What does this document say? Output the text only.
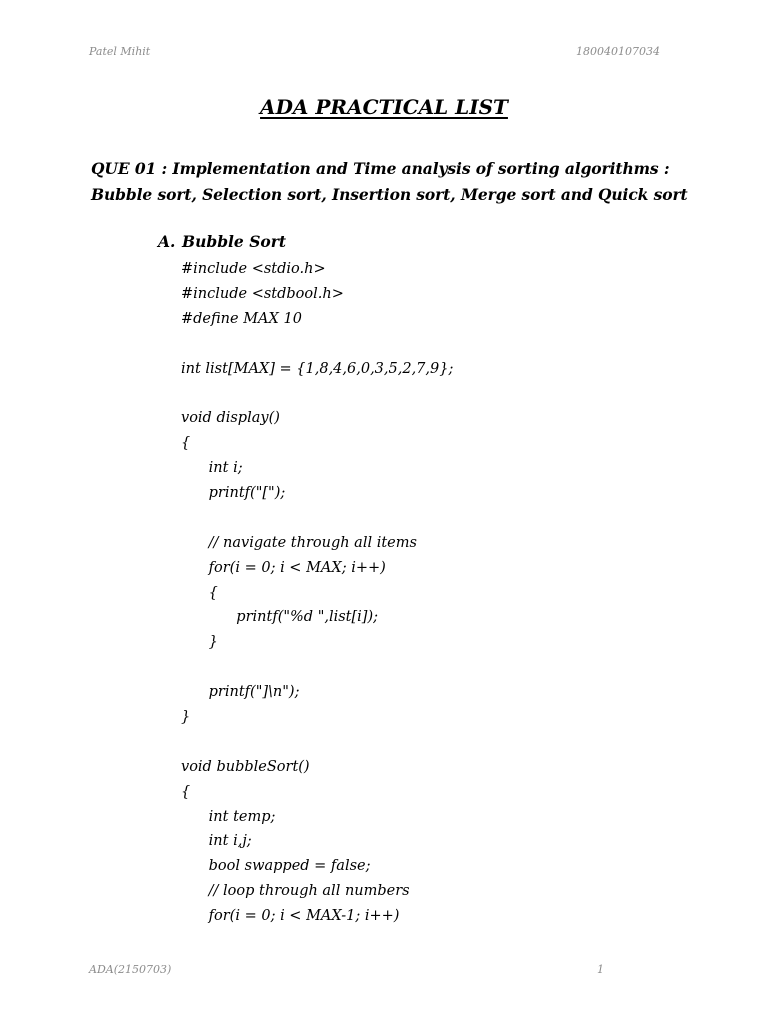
Patel Mihit	180040107034
ADA PRACTICAL LIST
QUE 01 : Implementation and Time analysis of sorting algorithms : Bubble sort, Selection sort, Insertion sort, Merge sort and Quick sort
A. Bubble Sort
#include <stdio.h>
#include <stdbool.h>
#define MAX 10
int list[MAX] = {1,8,4,6,0,3,5,2,7,9};
void display()
{
int i;
printf("[");
// navigate through all items
for(i = 0; i < MAX; i++)
{
printf("%d ",list[i]);
}
printf("]\n");
}
void bubbleSort()
{
int temp;
int i,j;
bool swapped = false;
// loop through all numbers
for(i = 0; i < MAX-1; i++)
ADA(2150703)	1
